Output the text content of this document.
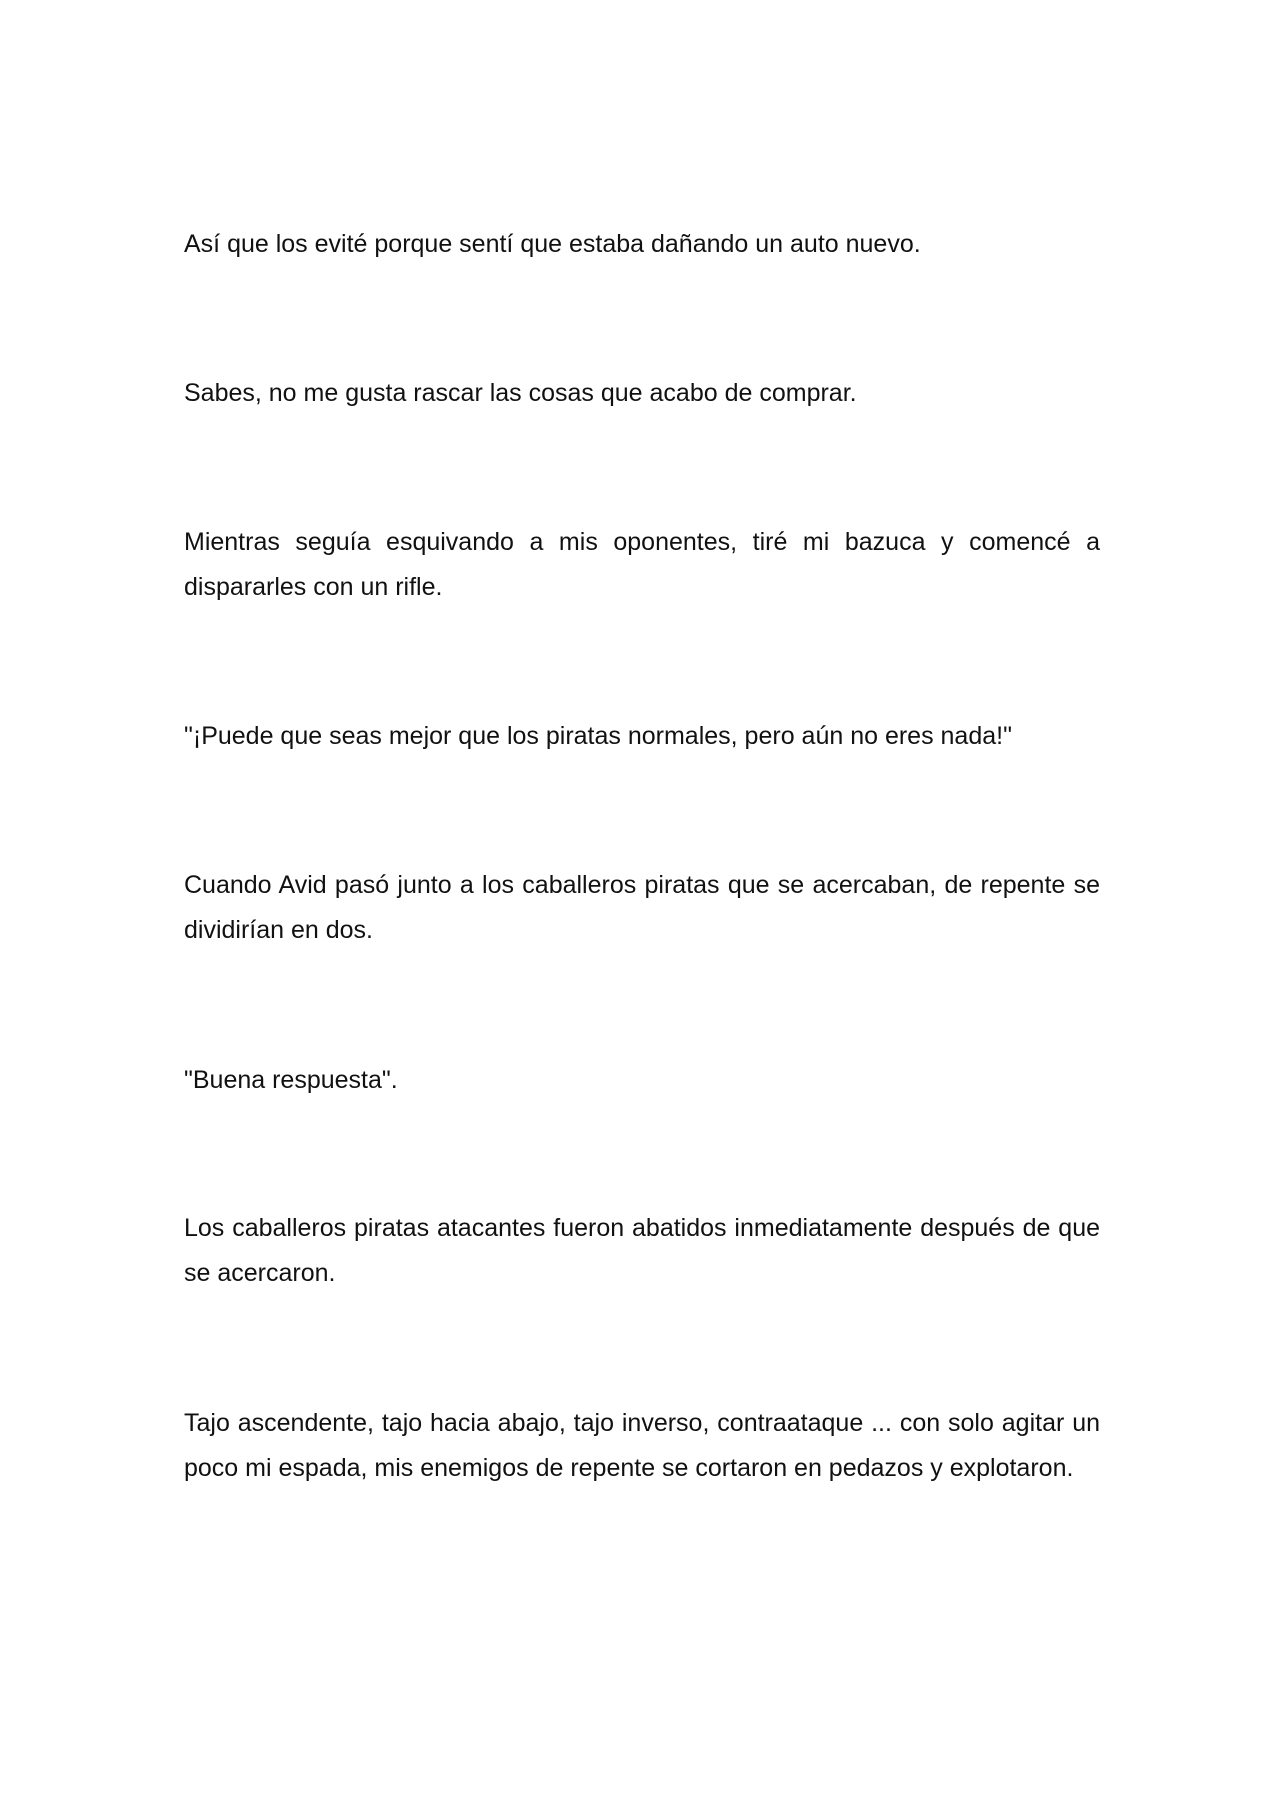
Así que los evité porque sentí que estaba dañando un auto nuevo.

Sabes, no me gusta rascar las cosas que acabo de comprar.

Mientras seguía esquivando a mis oponentes, tiré mi bazuca y comencé a dispararles con un rifle.

"¡Puede que seas mejor que los piratas normales, pero aún no eres nada!"

Cuando Avid pasó junto a los caballeros piratas que se acercaban, de repente se dividirían en dos.

"Buena respuesta".

Los caballeros piratas atacantes fueron abatidos inmediatamente después de que se acercaron.

Tajo ascendente, tajo hacia abajo, tajo inverso, contraataque ... con solo agitar un poco mi espada, mis enemigos de repente se cortaron en pedazos y explotaron.
